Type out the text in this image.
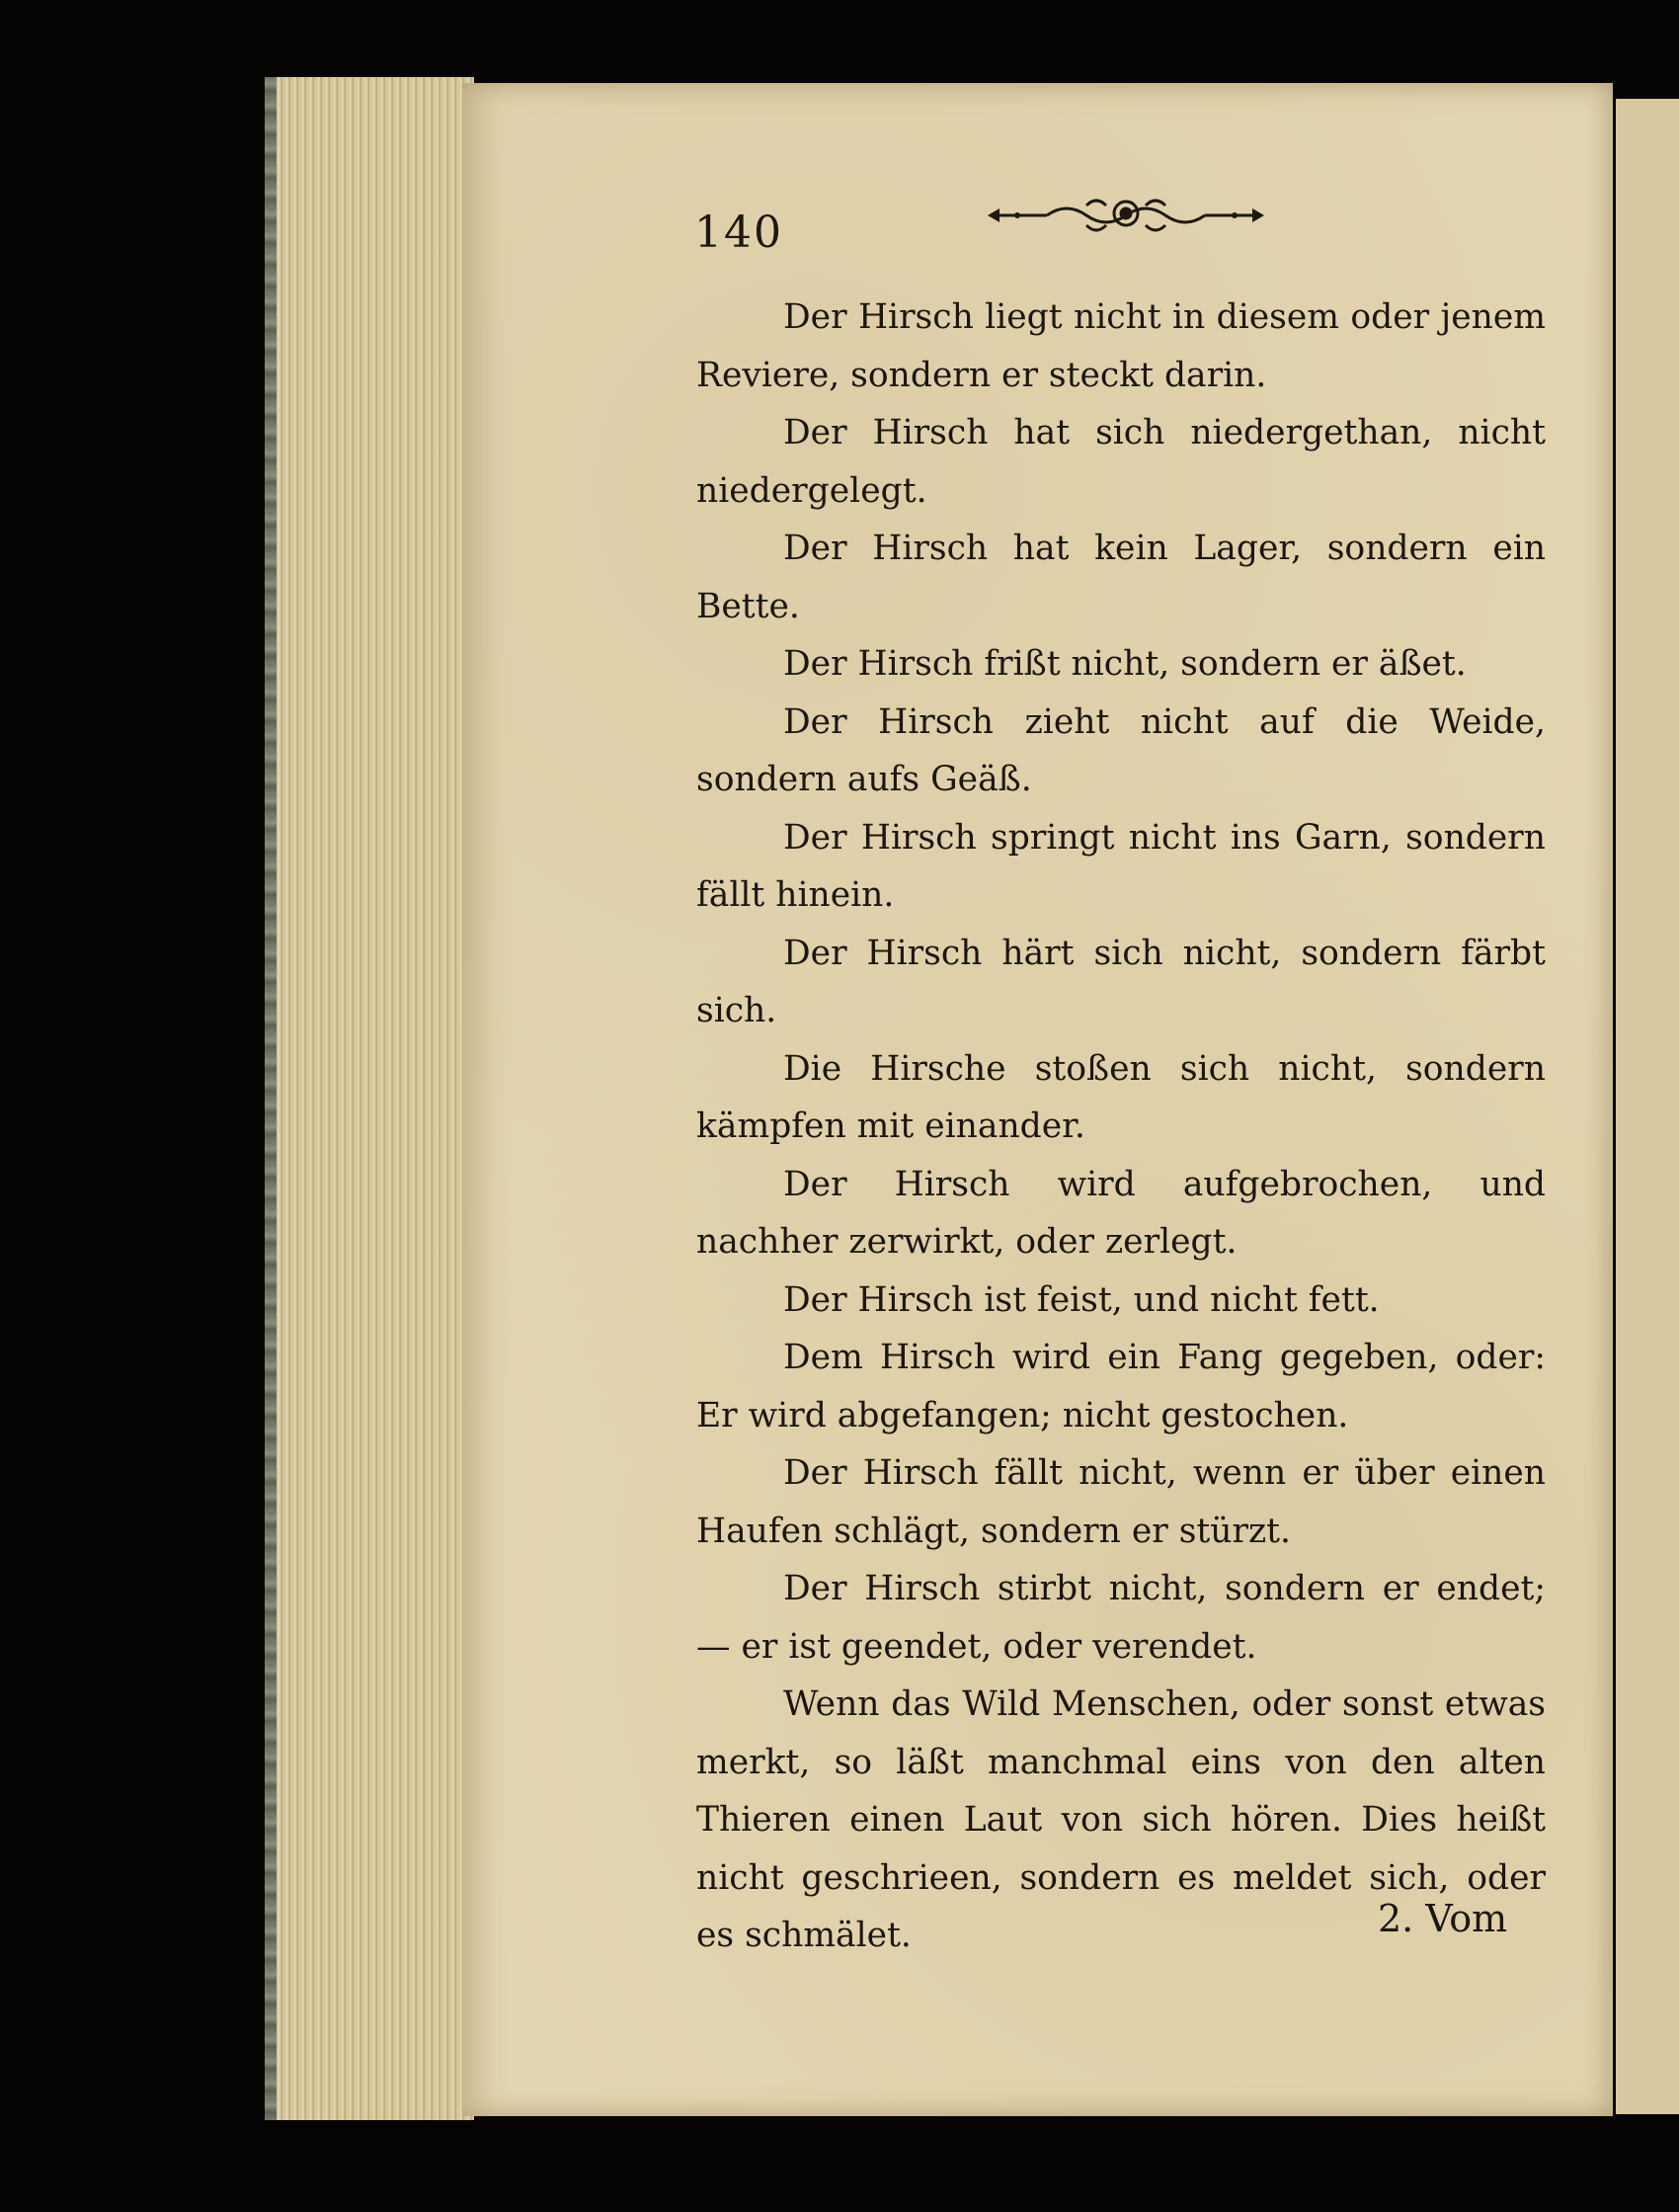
140

Der Hirsch liegt nicht in diesem oder jenem Reviere, sondern er steckt darin.

Der Hirsch hat sich niedergethan, nicht niedergelegt.

Der Hirsch hat kein Lager, sondern ein Bette.

Der Hirsch frißt nicht, sondern er äßet.

Der Hirsch zieht nicht auf die Weide, sondern aufs Geäß.

Der Hirsch springt nicht ins Garn, sondern fällt hinein.

Der Hirsch härt sich nicht, sondern färbt sich.

Die Hirsche stoßen sich nicht, sondern kämpfen mit einander.

Der Hirsch wird aufgebrochen, und nachher zerwirkt, oder zerlegt.

Der Hirsch ist feist, und nicht fett.

Dem Hirsch wird ein Fang gegeben, oder: Er wird abgefangen; nicht gestochen.

Der Hirsch fällt nicht, wenn er über einen Haufen schlägt, sondern er stürzt.

Der Hirsch stirbt nicht, sondern er endet; — er ist geendet, oder verendet.

Wenn das Wild Menschen, oder sonst etwas merkt, so läßt manchmal eins von den alten Thieren einen Laut von sich hören. Dies heißt nicht geschrieen, sondern es meldet sich, oder es schmälet.	2. Vom
